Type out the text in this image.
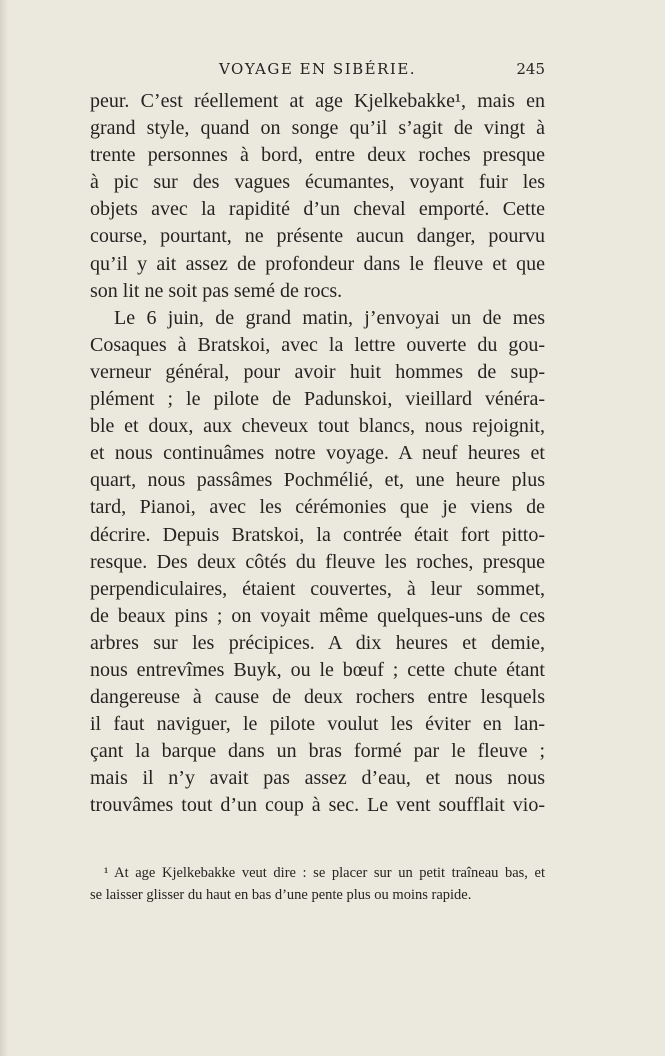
VOYAGE EN SIBÉRIE.	245
peur. C’est réellement at age Kjelkebakke¹, mais en
grand style, quand on songe qu’il s’agit de vingt à
trente personnes à bord, entre deux roches presque
à pic sur des vagues écumantes, voyant fuir les
objets avec la rapidité d’un cheval emporté. Cette
course, pourtant, ne présente aucun danger, pourvu
qu’il y ait assez de profondeur dans le fleuve et que
son lit ne soit pas semé de rocs.
Le 6 juin, de grand matin, j’envoyai un de mes
Cosaques à Bratskoi, avec la lettre ouverte du gou-
verneur général, pour avoir huit hommes de sup-
plément ; le pilote de Padunskoi, vieillard vénéra-
ble et doux, aux cheveux tout blancs, nous rejoignit,
et nous continuâmes notre voyage. A neuf heures et
quart, nous passâmes Pochmélié, et, une heure plus
tard, Pianoi, avec les cérémonies que je viens de
décrire. Depuis Bratskoi, la contrée était fort pitto-
resque. Des deux côtés du fleuve les roches, presque
perpendiculaires, étaient couvertes, à leur sommet,
de beaux pins ; on voyait même quelques-uns de ces
arbres sur les précipices. A dix heures et demie,
nous entrevîmes Buyk, ou le bœuf ; cette chute étant
dangereuse à cause de deux rochers entre lesquels
il faut naviguer, le pilote voulut les éviter en lan-
çant la barque dans un bras formé par le fleuve ;
mais il n’y avait pas assez d’eau, et nous nous
trouvâmes tout d’un coup à sec. Le vent soufflait vio-
¹ At age Kjelkebakke veut dire : se placer sur un petit traîneau bas, et
se laisser glisser du haut en bas d’une pente plus ou moins rapide.
